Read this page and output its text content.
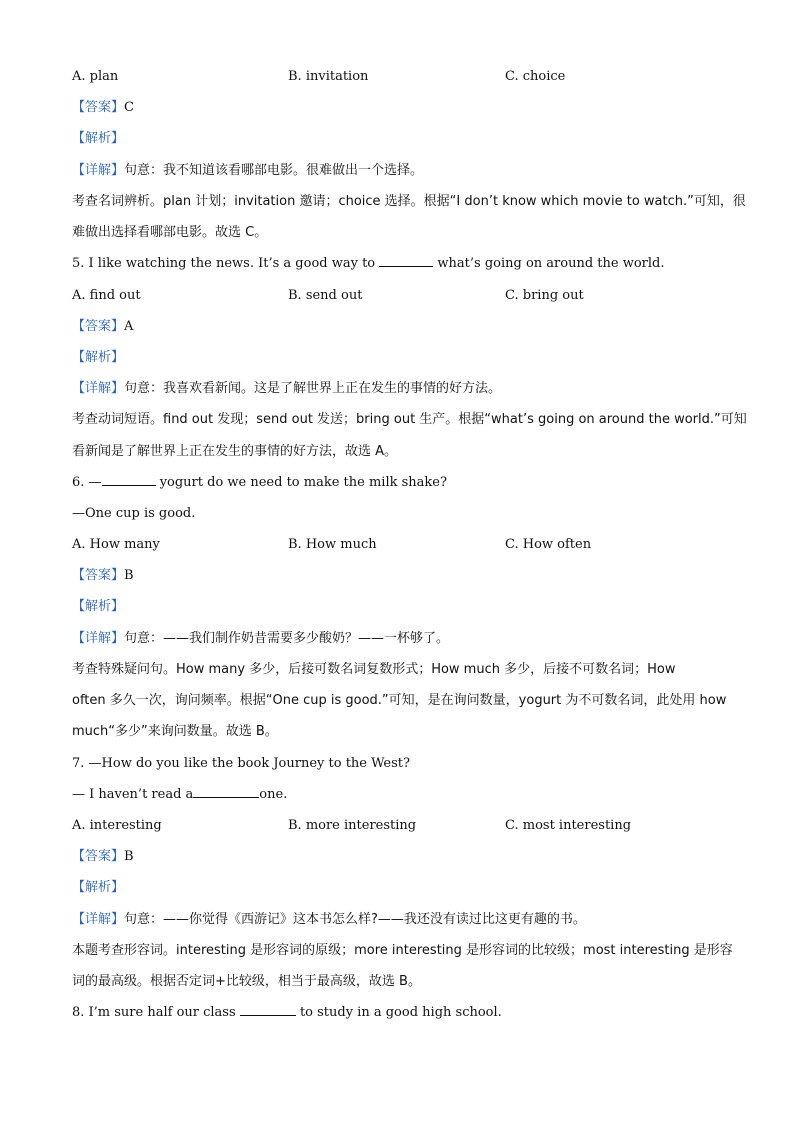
A. plan	B. invitation	C. choice
【答案】C
【解析】
【详解】句意：我不知道该看哪部电影。很难做出一个选择。
考查名词辨析。plan 计划；invitation 邀请；choice 选择。根据“I don’t know which movie to watch.”可知，很
难做出选择看哪部电影。故选 C。
5. I like watching the news. It’s a good way to	what’s going on around the world.
A. find out	B. send out	C. bring out
【答案】A
【解析】
【详解】句意：我喜欢看新闻。这是了解世界上正在发生的事情的好方法。
考查动词短语。find out 发现；send out 发送；bring out 生产。根据“what’s going on around the world.”可知
看新闻是了解世界上正在发生的事情的好方法，故选 A。
6. —	yogurt do we need to make the milk shake?
—One cup is good.
A. How many	B. How much	C. How often
【答案】B
【解析】
【详解】句意：——我们制作奶昔需要多少酸奶？——一杯够了。
考查特殊疑问句。How many 多少，后接可数名词复数形式；How much 多少，后接不可数名词；How
often 多久一次，询问频率。根据“One cup is good.”可知，是在询问数量，yogurt 为不可数名词，此处用 how
much“多少”来询问数量。故选 B。
7. —How do you like the book Journey to the West?
— I haven’t read a	one.
A. interesting	B. more interesting	C. most interesting
【答案】B
【解析】
【详解】句意：——你觉得《西游记》这本书怎么样?——我还没有读过比这更有趣的书。
本题考查形容词。interesting 是形容词的原级；more interesting 是形容词的比较级；most interesting 是形容
词的最高级。根据否定词+比较级，相当于最高级，故选 B。
8. I’m sure half our class	to study in a good high school.
